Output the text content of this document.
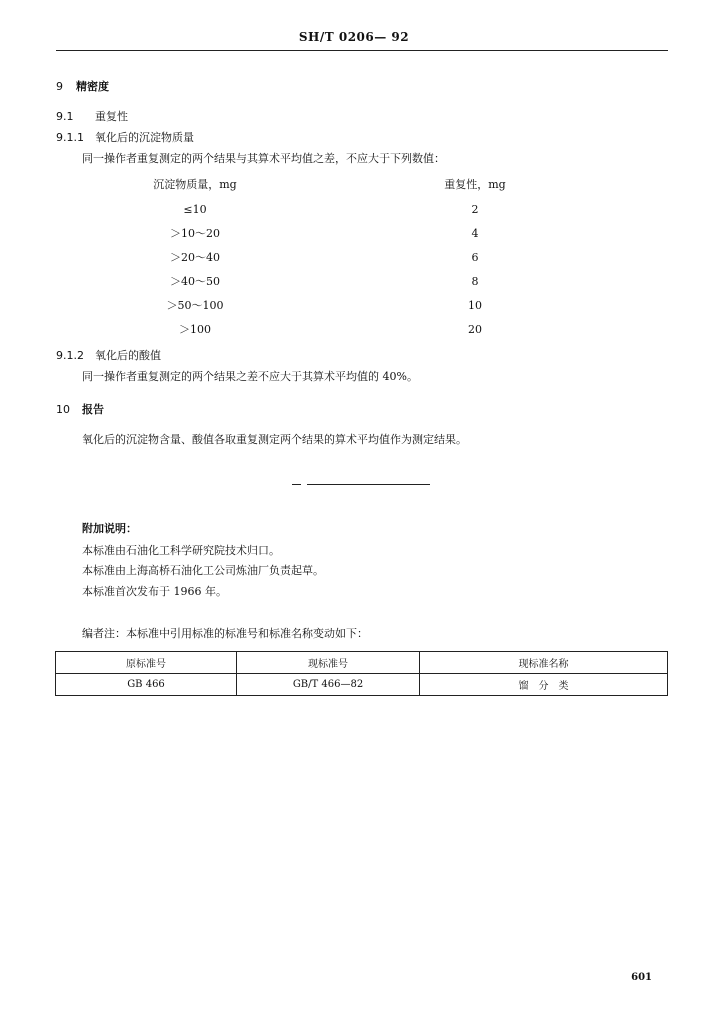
SH/T 0206— 92
9 精密度
9.1 重复性
9.1.1 氧化后的沉淀物质量
同一操作者重复测定的两个结果与其算术平均值之差，不应大于下列数值：
沉淀物质量，mg	重复性，mg
≤10	2
＞10～20	4
＞20～40	6
＞40～50	8
＞50～100	10
＞100	20
9.1.2 氧化后的酸值
同一操作者重复测定的两个结果之差不应大于其算术平均值的 40%。
10 报告
氧化后的沉淀物含量、酸值各取重复测定两个结果的算术平均值作为测定结果。
附加说明：
本标准由石油化工科学研究院技术归口。
本标准由上海高桥石油化工公司炼油厂负责起草。
本标准首次发布于 1966 年。
编者注：本标准中引用标准的标准号和标准名称变动如下：
原标准号	现标准号	现标准名称
GB 466	GB/T 466—82	馏　分　类
601
